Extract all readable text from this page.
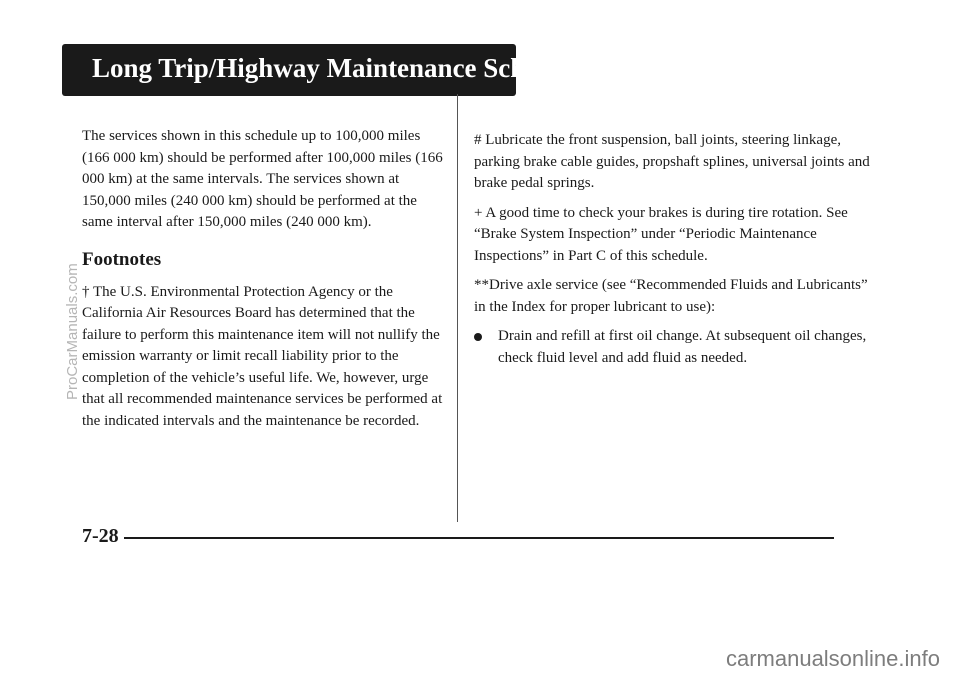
Long Trip/Highway Maintenance Schedule

The services shown in this schedule up to 100,000 miles (166 000 km) should be performed after 100,000 miles (166 000 km) at the same intervals. The services shown at 150,000 miles (240 000 km) should be performed at the same interval after 150,000 miles (240 000 km).

Footnotes

† The U.S. Environmental Protection Agency or the California Air Resources Board has determined that the failure to perform this maintenance item will not nullify the emission warranty or limit recall liability prior to the completion of the vehicle’s useful life. We, however, urge that all recommended maintenance services be performed at the indicated intervals and the maintenance be recorded.

# Lubricate the front suspension, ball joints, steering linkage, parking brake cable guides, propshaft splines, universal joints and brake pedal springs.

+ A good time to check your brakes is during tire rotation. See “Brake System Inspection” under “Periodic Maintenance Inspections” in Part C of this schedule.

**Drive axle service (see “Recommended Fluids and Lubricants” in the Index for proper lubricant to use):

Drain and refill at first oil change. At subsequent oil changes, check fluid level and add fluid as needed.
7-28
ProCarManuals.com
carmanualsonline.info
